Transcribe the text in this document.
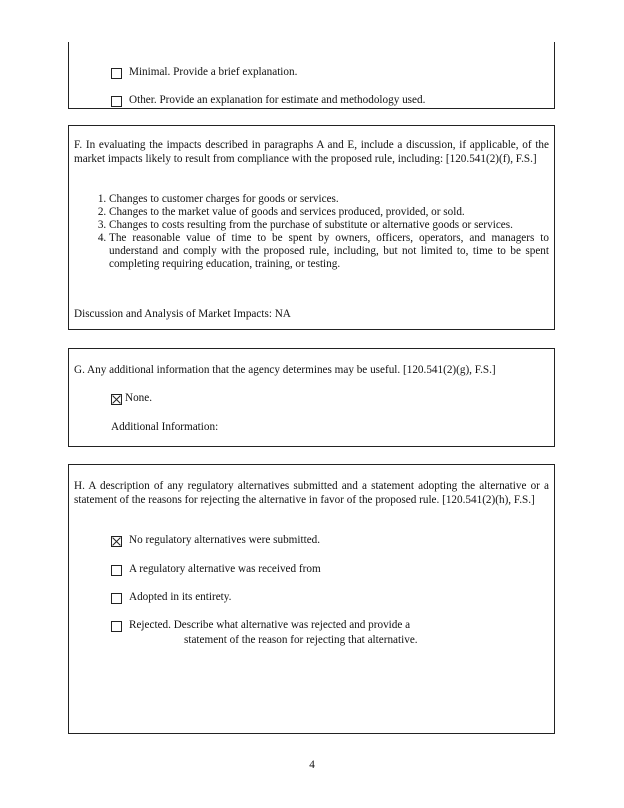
Minimal. Provide a brief explanation.
Other. Provide an explanation for estimate and methodology used.
F. In evaluating the impacts described in paragraphs A and E, include a discussion, if applicable, of the market impacts likely to result from compliance with the proposed rule, including: [120.541(2)(f), F.S.]
1. Changes to customer charges for goods or services.
2. Changes to the market value of goods and services produced, provided, or sold.
3. Changes to costs resulting from the purchase of substitute or alternative goods or services.
4. The reasonable value of time to be spent by owners, officers, operators, and managers to understand and comply with the proposed rule, including, but not limited to, time to be spent completing requiring education, training, or testing.
Discussion and Analysis of Market Impacts: NA
G. Any additional information that the agency determines may be useful. [120.541(2)(g), F.S.]
None.
Additional Information:
H. A description of any regulatory alternatives submitted and a statement adopting the alternative or a statement of the reasons for rejecting the alternative in favor of the proposed rule. [120.541(2)(h), F.S.]
No regulatory alternatives were submitted.
A regulatory alternative was received from
Adopted in its entirety.
Rejected. Describe what alternative was rejected and provide a
statement of the reason for rejecting that alternative.
4
